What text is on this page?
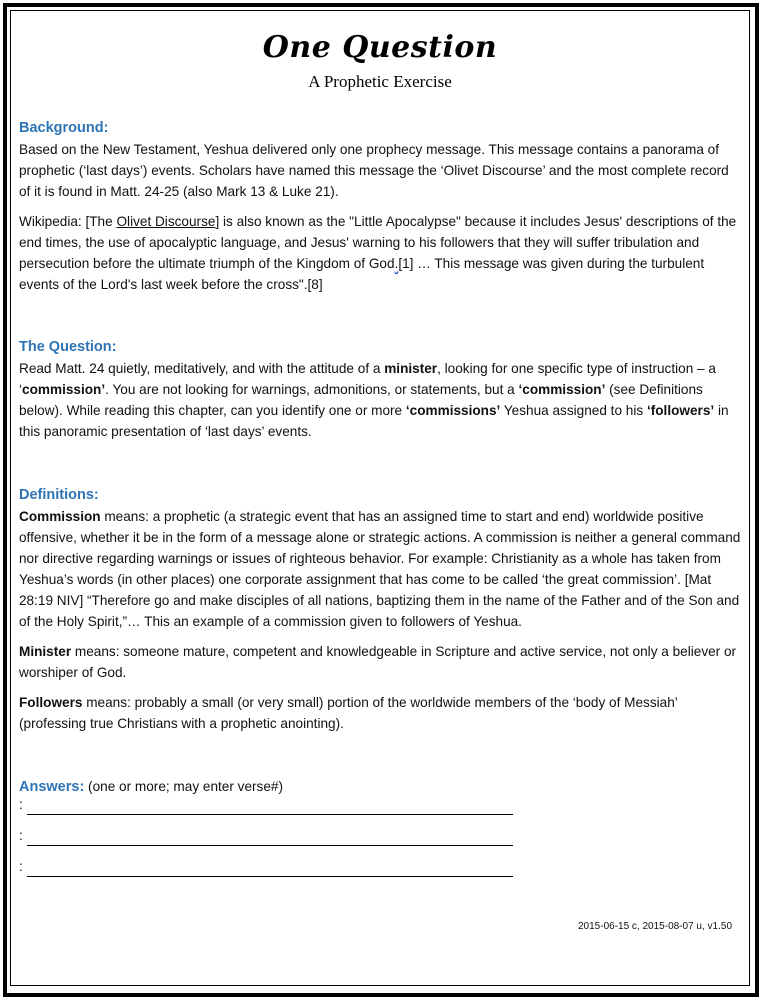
One Question
A Prophetic Exercise
Background:

Based on the New Testament, Yeshua delivered only one prophecy message. This message contains a panorama of prophetic (‘last days’) events. Scholars have named this message the ‘Olivet Discourse’ and the most complete record of it is found in Matt. 24-25 (also Mark 13 & Luke 21).

Wikipedia: [The Olivet Discourse] is also known as the "Little Apocalypse" because it includes Jesus' descriptions of the end times, the use of apocalyptic language, and Jesus' warning to his followers that they will suffer tribulation and persecution before the ultimate triumph of the Kingdom of God.[1] … This message was given during the turbulent events of the Lord's last week before the cross".[8]

The Question:

Read Matt. 24 quietly, meditatively, and with the attitude of a minister, looking for one specific type of instruction – a ‘commission’. You are not looking for warnings, admonitions, or statements, but a ‘commission’ (see Definitions below). While reading this chapter, can you identify one or more ‘commissions’ Yeshua assigned to his ‘followers’ in this panoramic presentation of ‘last days’ events.

Definitions:

Commission means: a prophetic (a strategic event that has an assigned time to start and end) worldwide positive offensive, whether it be in the form of a message alone or strategic actions. A commission is neither a general command nor directive regarding warnings or issues of righteous behavior. For example: Christianity as a whole has taken from Yeshua’s words (in other places) one corporate assignment that has come to be called ‘the great commission’. [Mat 28:19 NIV] “Therefore go and make disciples of all nations, baptizing them in the name of the Father and of the Son and of the Holy Spirit,”… This an example of a commission given to followers of Yeshua.

Minister means: someone mature, competent and knowledgeable in Scripture and active service, not only a believer or worshiper of God.

Followers means: probably a small (or very small) portion of the worldwide members of the ‘body of Messiah’ (professing true Christians with a prophetic anointing).

Answers: (one or more; may enter verse#)
:
:
:
2015-06-15 c, 2015-08-07 u, v1.50
